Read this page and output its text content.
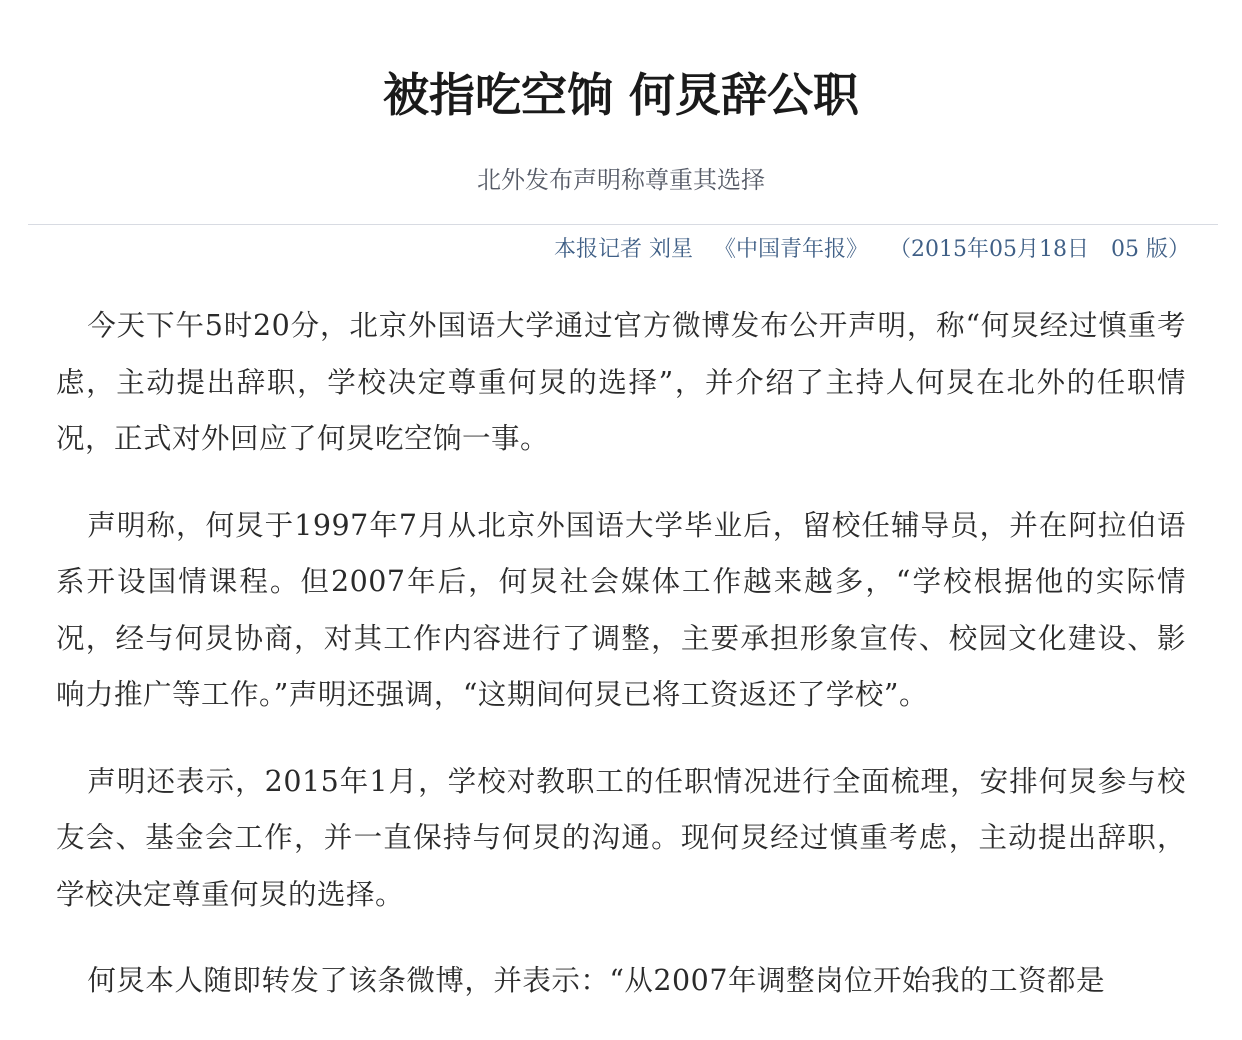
被指吃空饷 何炅辞公职
北外发布声明称尊重其选择
本报记者 刘星 《中国青年报》 （2015年05月18日　05 版）

今天下午5时20分，北京外国语大学通过官方微博发布公开声明，称“何炅经过慎重考虑，主动提出辞职，学校决定尊重何炅的选择”，并介绍了主持人何炅在北外的任职情况，正式对外回应了何炅吃空饷一事。

声明称，何炅于1997年7月从北京外国语大学毕业后，留校任辅导员，并在阿拉伯语系开设国情课程。但2007年后，何炅社会媒体工作越来越多，“学校根据他的实际情况，经与何炅协商，对其工作内容进行了调整，主要承担形象宣传、校园文化建设、影响力推广等工作。”声明还强调，“这期间何炅已将工资返还了学校”。

声明还表示，2015年1月，学校对教职工的任职情况进行全面梳理，安排何炅参与校友会、基金会工作，并一直保持与何炅的沟通。现何炅经过慎重考虑，主动提出辞职，学校决定尊重何炅的选择。

何炅本人随即转发了该条微博，并表示：“从2007年调整岗位开始我的工资都是
